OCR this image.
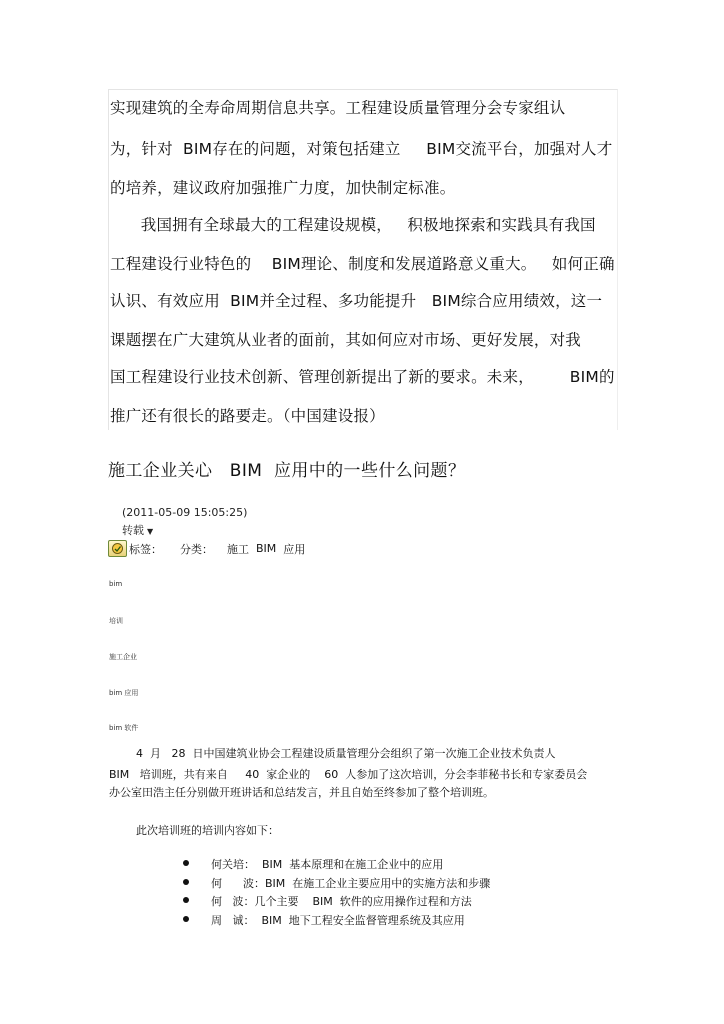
实现建筑的全寿命周期信息共享。工程建设质量管理分会专家组认
为，针对  BIM存在的问题，对策包括建立     BIM交流平台，加强对人才
的培养，建议政府加强推广力度，加快制定标准。
我国拥有全球最大的工程建设规模，   积极地探索和实践具有我国
工程建设行业特色的    BIM理论、制度和发展道路意义重大。   如何正确
认识、有效应用  BIM并全过程、多功能提升   BIM综合应用绩效，这一
课题摆在广大建筑从业者的面前，其如何应对市场、更好发展，对我
国工程建设行业技术创新、管理创新提出了新的要求。未来，       BIM的
推广还有很长的路要走。（中国建设报）
施工企业关心   BIM  应用中的一些什么问题？
(2011-05-09 15:05:25)
转载 ▼
标签： 分类： 施工 BIM 应用
bim
培训
施工企业
bim 应用
bim 软件
4  月   28  日中国建筑业协会工程建设质量管理分会组织了第一次施工企业技术负责人
BIM   培训班，共有来自     40  家企业的    60  人参加了这次培训，分会李菲秘书长和专家委员会
办公室田浩主任分别做开班讲话和总结发言，并且自始至终参加了整个培训班。
此次培训班的培训内容如下：
何关培：  BIM  基本原理和在施工企业中的应用
何      波：BIM  在施工企业主要应用中的实施方法和步骤
何   波：几个主要    BIM  软件的应用操作过程和方法
周   诚：  BIM  地下工程安全监督管理系统及其应用
